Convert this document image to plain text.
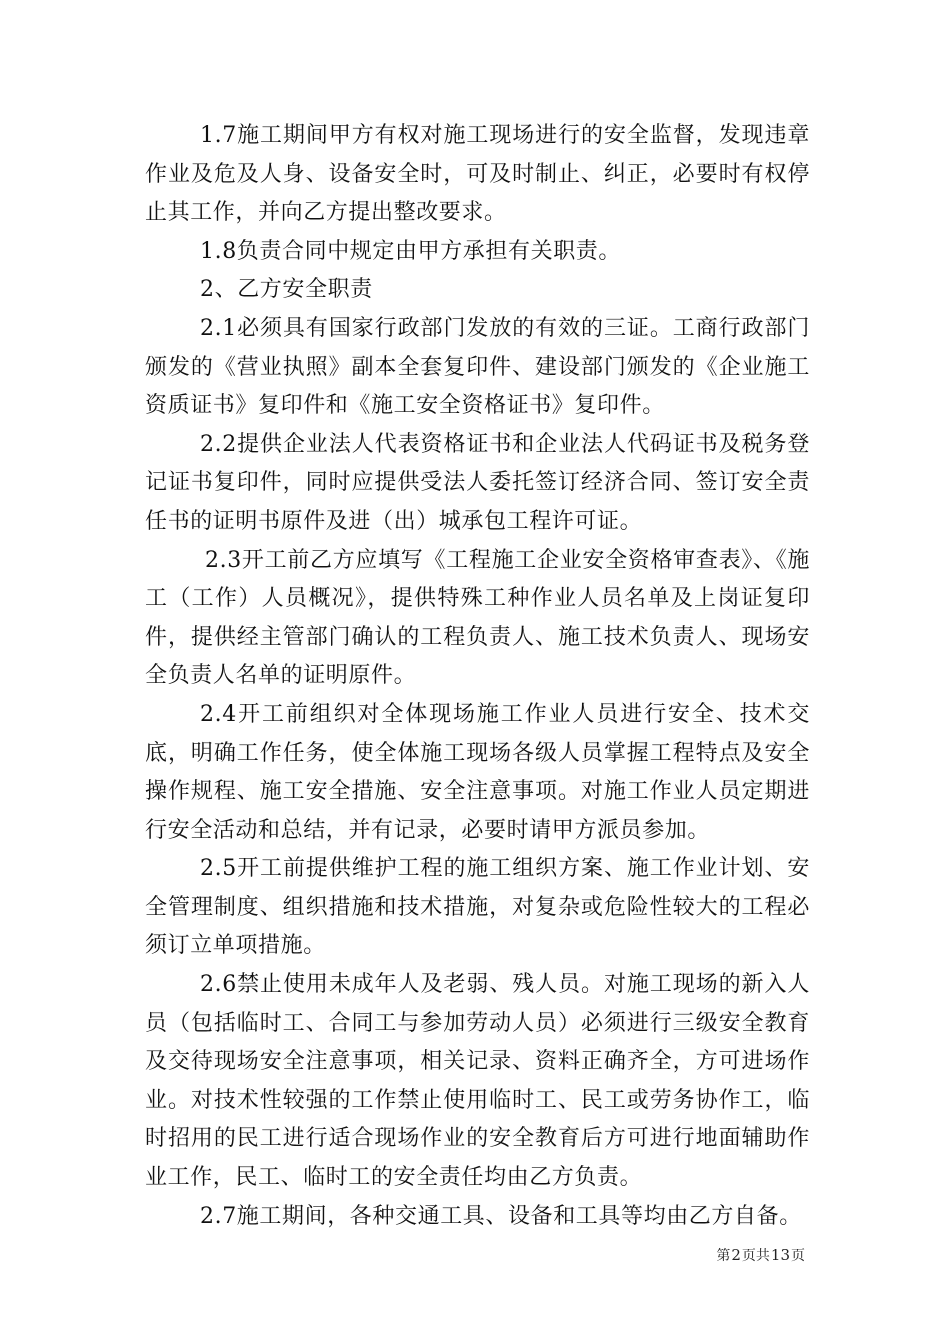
1.7施工期间甲方有权对施工现场进行的安全监督，发现违章作业及危及人身、设备安全时，可及时制止、纠正，必要时有权停止其工作，并向乙方提出整改要求。

1.8负责合同中规定由甲方承担有关职责。

2、乙方安全职责

2.1必须具有国家行政部门发放的有效的三证。工商行政部门颁发的《营业执照》副本全套复印件、建设部门颁发的《企业施工资质证书》复印件和《施工安全资格证书》复印件。

2.2提供企业法人代表资格证书和企业法人代码证书及税务登记证书复印件，同时应提供受法人委托签订经济合同、签订安全责任书的证明书原件及进（出）城承包工程许可证。

2.3开工前乙方应填写《工程施工企业安全资格审查表》、《施工（工作）人员概况》，提供特殊工种作业人员名单及上岗证复印件，提供经主管部门确认的工程负责人、施工技术负责人、现场安全负责人名单的证明原件。

2.4开工前组织对全体现场施工作业人员进行安全、技术交底，明确工作任务，使全体施工现场各级人员掌握工程特点及安全操作规程、施工安全措施、安全注意事项。对施工作业人员定期进行安全活动和总结，并有记录，必要时请甲方派员参加。

2.5开工前提供维护工程的施工组织方案、施工作业计划、安全管理制度、组织措施和技术措施，对复杂或危险性较大的工程必须订立单项措施。

2.6禁止使用未成年人及老弱、残人员。对施工现场的新入人员（包括临时工、合同工与参加劳动人员）必须进行三级安全教育及交待现场安全注意事项，相关记录、资料正确齐全，方可进场作业。对技术性较强的工作禁止使用临时工、民工或劳务协作工，临时招用的民工进行适合现场作业的安全教育后方可进行地面辅助作业工作，民工、临时工的安全责任均由乙方负责。

2.7施工期间，各种交通工具、设备和工具等均由乙方自备。

第2页共13页
